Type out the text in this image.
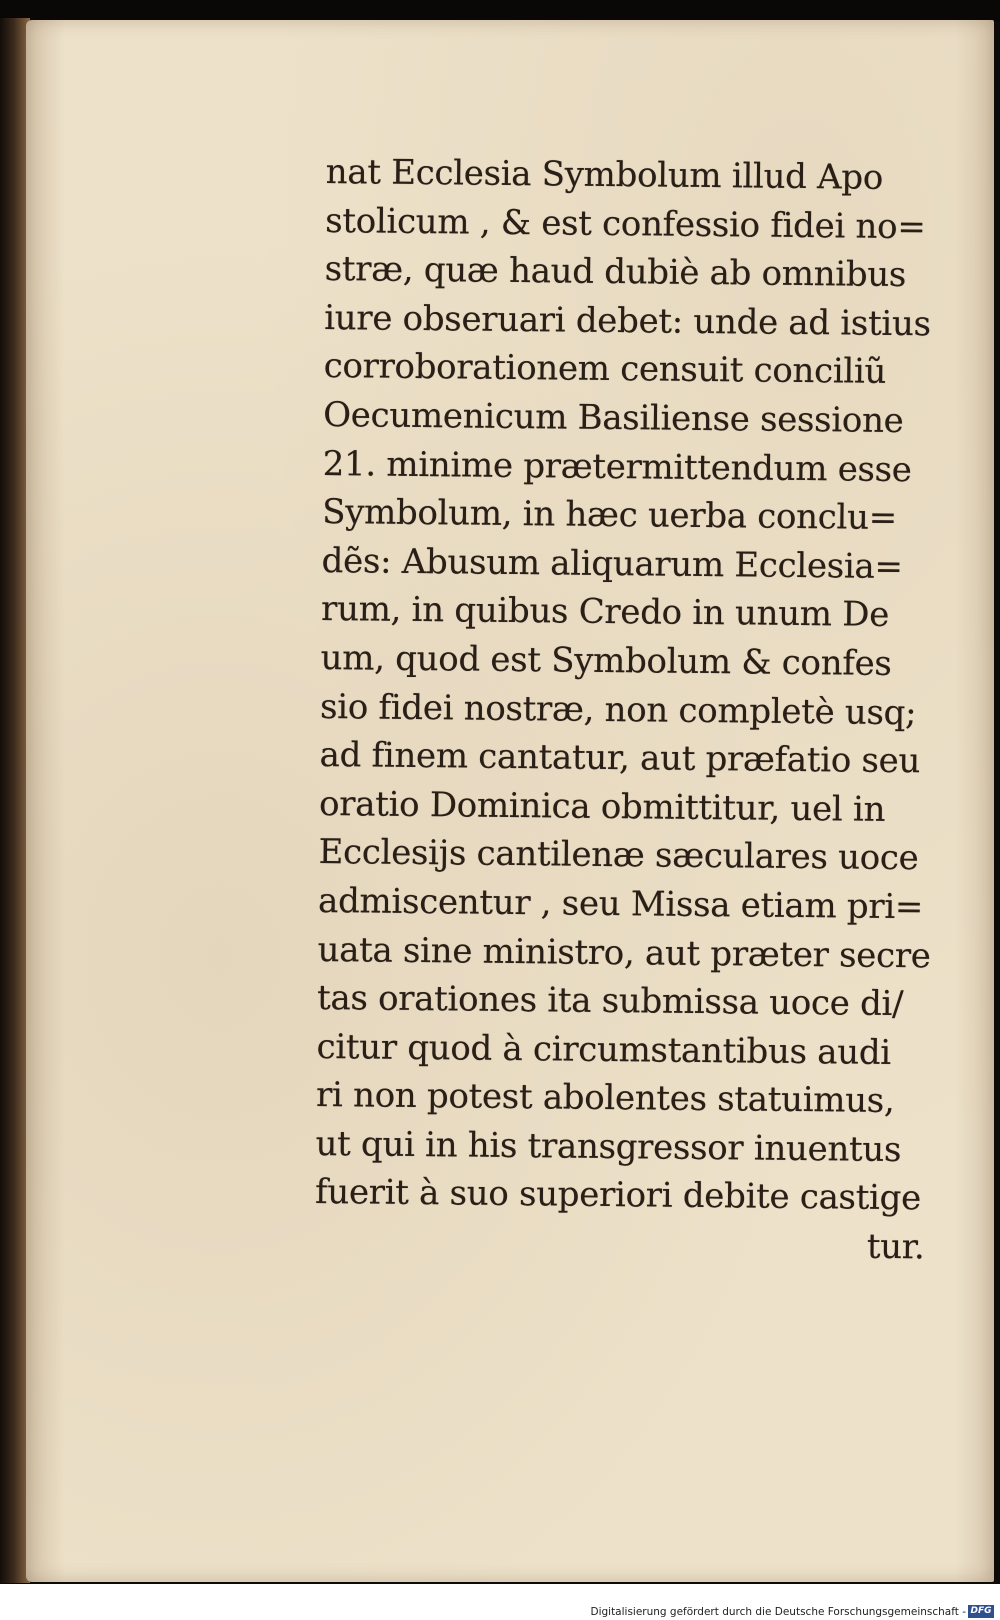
nat Ecclesia Symbolum illud Apo
stolicum , & est confessio fidei no=
stræ, quæ haud dubiè ab omnibus
iure obseruari debet: unde ad istius
corroborationem censuit conciliũ
Oecumenicum Basiliense sessione
21. minime prætermittendum esse
Symbolum, in hæc uerba conclu=
dẽs: Abusum aliquarum Ecclesia=
rum, in quibus Credo in unum De
um, quod est Symbolum & confes
sio fidei nostræ, non completè usq;
ad finem cantatur, aut præfatio seu
oratio Dominica obmittitur, uel in
Ecclesijs cantilenæ sæculares uoce
admiscentur , seu Missa etiam pri=
uata sine ministro, aut præter secre
tas orationes ita submissa uoce di/
citur quod à circumstantibus audi
ri non potest abolentes statuimus,
ut qui in his transgressor inuentus
fuerit à suo superiori debite castige
tur.
Digitalisierung gefördert durch die Deutsche Forschungsgemeinschaft - DFG
